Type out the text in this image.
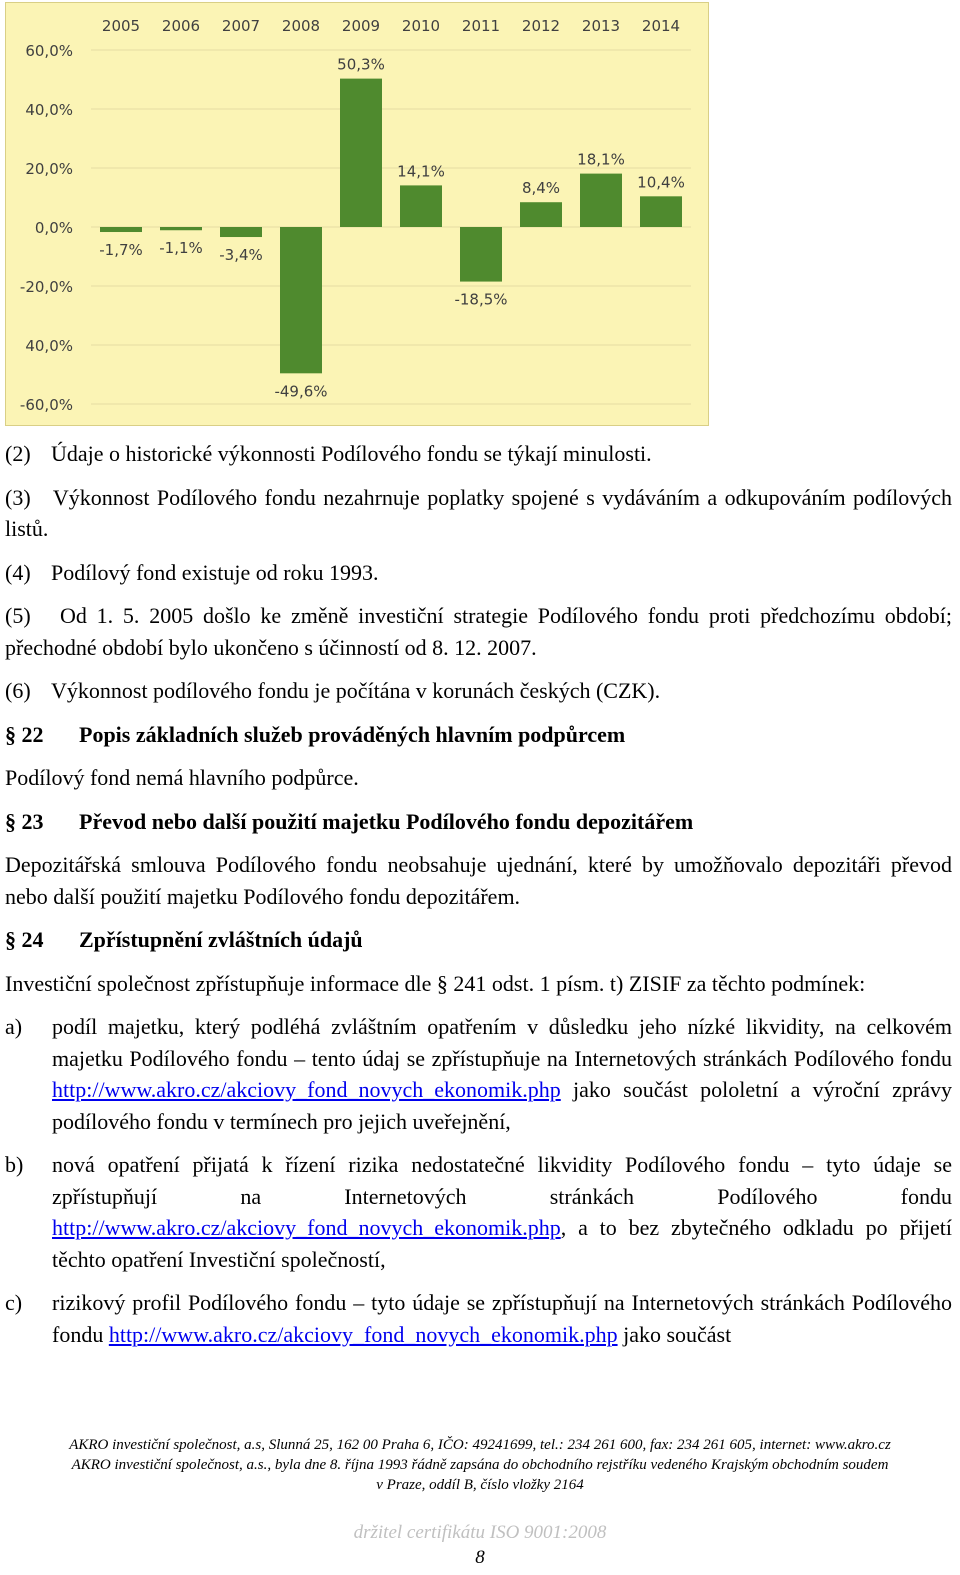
60,0%
40,0%
20,0%
0,0%
-20,0%
40,0%
-60,0%
2005
-1,7%
2006
-1,1%
2007
-3,4%
2008
-49,6%
2009
50,3%
2010
14,1%
2011
-18,5%
2012
8,4%
2013
18,1%
2014
10,4%
(2) Údaje o historické výkonnosti Podílového fondu se týkají minulosti.
(3) Výkonnost Podílového fondu nezahrnuje poplatky spojené s vydáváním a odkupováním podílových listů.
(4) Podílový fond existuje od roku 1993.
(5) Od 1. 5. 2005 došlo ke změně investiční strategie Podílového fondu proti předchozímu období; přechodné období bylo ukončeno s účinností od 8. 12. 2007.
(6) Výkonnost podílového fondu je počítána v korunách českých (CZK).
§ 22	Popis základních služeb prováděných hlavním podpůrcem
Podílový fond nemá hlavního podpůrce.
§ 23	Převod nebo další použití majetku Podílového fondu depozitářem
Depozitářská smlouva Podílového fondu neobsahuje ujednání, které by umožňovalo depozitáři převod nebo další použití majetku Podílového fondu depozitářem.
§ 24	Zpřístupnění zvláštních údajů
Investiční společnost zpřístupňuje informace dle § 241 odst. 1 písm. t) ZISIF za těchto podmínek:
a)	podíl majetku, který podléhá zvláštním opatřením v důsledku jeho nízké likvidity, na celkovém majetku Podílového fondu – tento údaj se zpřístupňuje na Internetových stránkách Podílového fondu http://www.akro.cz/akciovy_fond_novych_ekonomik.php jako součást pololetní a výroční zprávy podílového fondu v termínech pro jejich uveřejnění,
b)	nová opatření přijatá k řízení rizika nedostatečné likvidity Podílového fondu – tyto údaje se zpřístupňují na Internetových stránkách Podílového fondu http://www.akro.cz/akciovy_fond_novych_ekonomik.php, a to bez zbytečného odkladu po přijetí těchto opatření Investiční společností,
c)	rizikový profil Podílového fondu – tyto údaje se zpřístupňují na Internetových stránkách Podílového fondu http://www.akro.cz/akciovy_fond_novych_ekonomik.php jako součást
AKRO investiční společnost, a.s, Slunná 25, 162 00 Praha 6, IČO: 49241699, tel.: 234 261 600, fax: 234 261 605, internet: www.akro.cz
AKRO investiční společnost, a.s., byla dne 8. října 1993 řádně zapsána do obchodního rejstříku vedeného Krajským obchodním soudem
v Praze, oddíl B, číslo vložky 2164
držitel certifikátu ISO 9001:2008
8
